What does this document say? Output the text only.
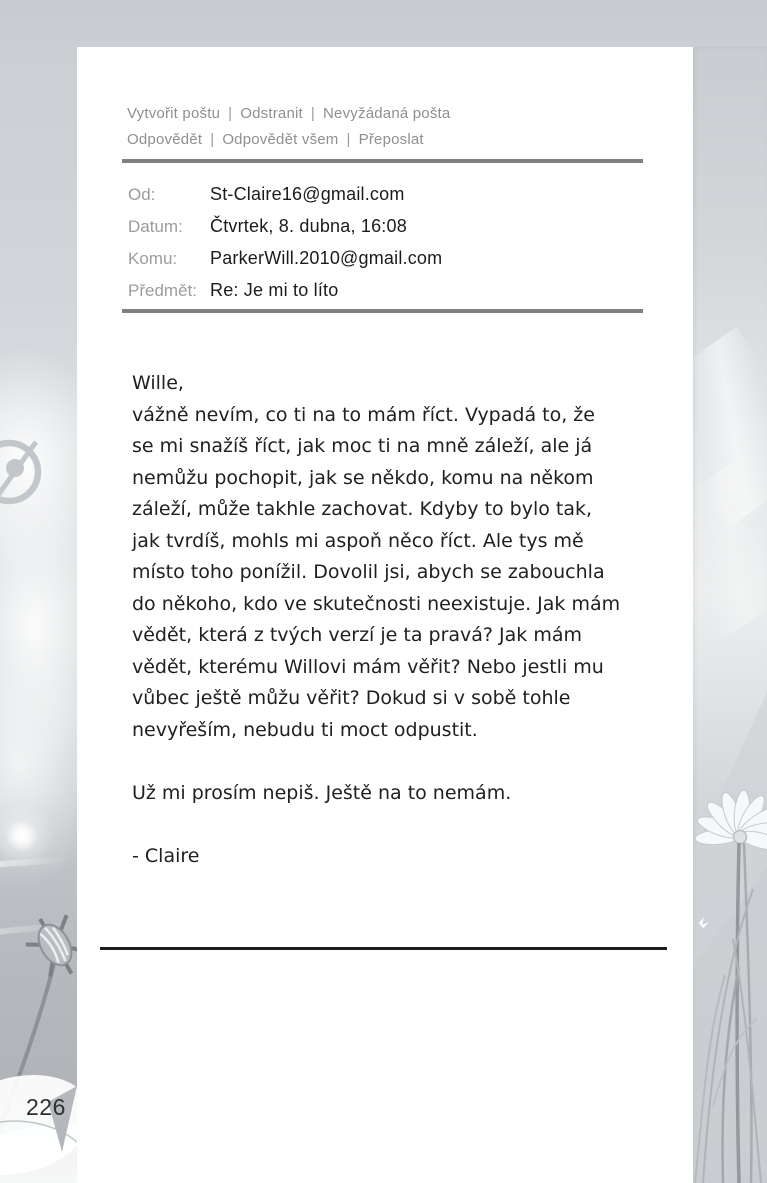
226
Vytvořit poštu | Odstranit | Nevyžádaná pošta
Odpovědět | Odpovědět všem | Přeposlat
Od:	St-Claire16@gmail.com
Datum: Čtvrtek, 8. dubna, 16:08
Komu: ParkerWill.2010@gmail.com
Předmět: Re: Je mi to líto
Wille,
vážně nevím, co ti na to mám říct. Vypadá to, že
se mi snažíš říct, jak moc ti na mně záleží, ale já
nemůžu pochopit, jak se někdo, komu na někom
záleží, může takhle zachovat. Kdyby to bylo tak,
jak tvrdíš, mohls mi aspoň něco říct. Ale tys mě
místo toho ponížil. Dovolil jsi, abych se zabouchla
do někoho, kdo ve skutečnosti neexistuje. Jak mám
vědět, která z tvých verzí je ta pravá? Jak mám
vědět, kterému Willovi mám věřit? Nebo jestli mu
vůbec ještě můžu věřit? Dokud si v sobě tohle
nevyřeším, nebudu ti moct odpustit.
Už mi prosím nepiš. Ještě na to nemám.
- Claire
